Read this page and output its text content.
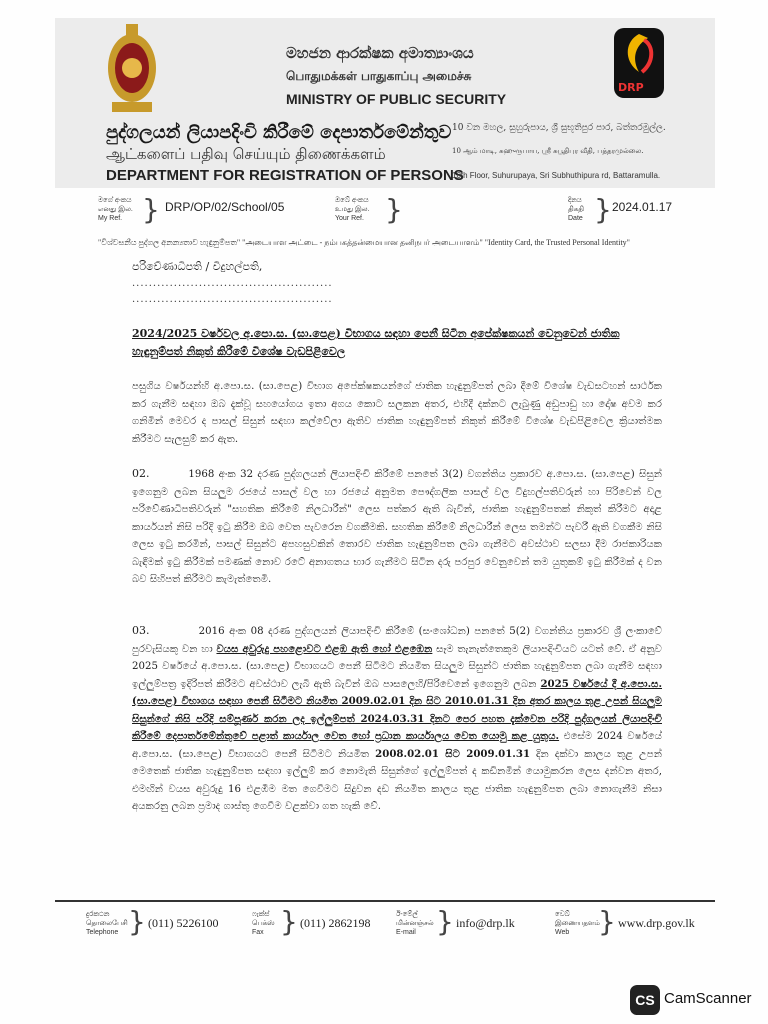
DRP
මහජන ආරක්ෂක අමාත්‍යාංශය
பொதுமக்கள் பாதுகாப்பு அமைச்சு
MINISTRY OF PUBLIC SECURITY
පුද්ගලයන් ලියාපදිංචි කිරීමේ දෙපාර්තමේන්තුව
ஆட்களைப் பதிவு செய்யும் திணைக்களம்
DEPARTMENT FOR REGISTRATION OF PERSONS
10 වන මහල, සුහුරුපාය, ශ්‍රී සුභූතිපුර පාර, බත්තරමුල්ල.
10 ஆம் மாடி, சுஹுருபாய, ஸ்ரீ சுபூதிபுர வீதி, பத்தரமுல்லை.
10th Floor, Suhurupaya, Sri Subhuthipura rd, Battaramulla.
මගේ අංකය
எனது இல.
My Ref. } DRP/OP/02/School/05	ඔබේ අංකය
உமது இல.
Your Ref. }	දිනය
திகதி
Date } 2024.01.17
"විශ්වසනීය පුද්ගල අනන්‍යතාව හැඳුනුම්පත" "அடையாள அட்டை - நம்பகத்தன்மையான தனிநபர் அடையாளம்" "Identity Card, the Trusted Personal Identity"
පරිවේණාධිපති / විදුහල්පති,
................................................
................................................
2024/2025 වර්ෂවල අ.පො.ස. (සා.පෙළ) විභාගය සඳහා පෙනී සිටින අපේක්ෂකයන් වෙනුවෙන් ජාතික හැඳුනුම්පත් නිකුත් කිරීමේ විශේෂ වැඩපිළිවෙල
පසුගිය වර්ෂයන්හි අ.පො.ස. (සා.පෙළ) විභාග අපේක්ෂකයන්ගේ ජාතික හැඳුනුම්පත් ලබා දීමේ විශේෂ වැඩසටහන් සාර්ථක කර ගැනීම සඳහා ඔබ දැක්වූ සහයෝගය ඉතා අගය කොට සලකන අතර, එහිදී දක්නට ලැබුණු අඩුපාඩු හා දෝෂ අවම කර ගනිමින් මෙවර ද පාසල් සිසුන් සඳහා කල්වේලා ඇතිව ජාතික හැඳුනුම්පත් නිකුත් කිරීමේ විශේෂ වැඩපිළිවෙල ක්‍රියාත්මක කිරීමට සැලසුම් කර ඇත.
02.	1968 අංක 32 දරණ පුද්ගලයන් ලියාපදිංචි කිරීමේ පනතේ 3(2) වගන්තිය ප්‍රකාරව අ.පො.ස. (සා.පෙළ) සිසුන් ඉගෙනුම ලබන සියලුම රජයේ පාසල් වල හා රජයේ අනුමත පෞද්ගලික පාසල් වල විදුහල්පතිවරුන් හා පිරිවෙන් වල පරිවේණාධිපතිවරුන් "සහතික කිරීමේ නිලධාරීන්" ලෙස පත්කර ඇති බැවින්, ජාතික හැඳුනුම්පතක් නිකුත් කිරීමට අදාළ කාර්යයන් නිසි පරිදි ඉටු කිරීම ඔබ වෙත පැවරෙන වගකීමකි. සහතික කිරීමේ නිලධාරීන් ලෙස තමන්ට පැවරී ඇති වගකීම නිසි ලෙස ඉටු කරමින්, පාසල් සිසුන්ට අපහසුවකින් තොරව ජාතික හැඳුනුම්පත ලබා ගැනීමට අවස්ථාව සලසා දීම රාජකාරියක බැඳීමක් ඉටු කිරීමක් පමණක් නොව රටේ අනාගතය භාර ගැනීමට සිටින දරු පරපුර වෙනුවෙන් තම යුතුකම් ඉටු කිරීමක් ද වන බව සිහිපත් කිරීමට කැමැත්තෙමි.
03.	2016 අංක 08 දරණ පුද්ගලයන් ලියාපදිංචි කිරීමේ (සංශෝධන) පනතේ 5(2) වගන්තිය ප්‍රකාරව ශ්‍රී ලංකාවේ පුරවැසියකු වන හා වයස අවුරුදු පහළොවට එළඹ ඇති හෝ එළඹෙන සෑම තැනැත්තෙකුම ලියාපදිංචියට යටත් වේ. ඒ අනුව 2025 වර්ෂයේ අ.පො.ස. (සා.පෙළ) විභාගයට පෙනී සිටීමට නියමිත සියලුම සිසුන්ට ජාතික හැඳුනුම්පත ලබා ගැනීම සඳහා ඉල්ලුම්පත්‍ර ඉදිරිපත් කිරීමට අවස්ථාව ලැබී ඇති බැවින් ඔබ පාසලෙහි/පිරිවෙනේ ඉගෙනුම ලබන 2025 වර්ෂයේ දී අ.පො.ස. (සා.පෙළ) විභාගය සඳහා පෙනී සිටීමට නියමිත 2009.02.01 දින සිට 2010.01.31 දින අතර කාලය තුළ උපන් සියලුම සිසුන්ගේ නිසි පරිදි සම්පූර්ණ කරන ලද ඉල්ලුම්පත් 2024.03.31 දිනට පෙර පහත දැක්වෙන පරිදි පුද්ගලයන් ලියාපදිංචි කිරීමේ දෙපාර්තමේන්තුවේ පළාත් කාර්යාල වෙත හෝ ප්‍රධාන කාර්යාලය වෙත යොමු කළ යුතුය. එසේම 2024 වර්ෂයේ අ.පො.ස. (සා.පෙළ) විභාගයට පෙනී සිටීමට නියමිත 2008.02.01 සිට 2009.01.31 දින දක්වා කාලය තුළ උපන් මෙතෙක් ජාතික හැඳුනුම්පත සඳහා ඉල්ලුම් කර නොමැති සිසුන්ගේ ඉල්ලුම්පත් ද කඩිනමින් යොමුකරන ලෙස දන්වන අතර, එමඟින් වයස අවුරුදු 16 එළඹීම මත ගෙවීමට සිදුවන දඩ නියමිත කාලය තුළ ජාතික හැඳුනුම්පත ලබා නොගැනීම නිසා අයකරනු ලබන ප්‍රමාද ගාස්තු ගෙවීම වළක්වා ගත හැකි වේ.
දුරකථන
தொலைபேசி
Telephone } (011) 5226100
ෆැක්ස්
பெக்ஸ்
Fax } (011) 2862198
ඊ-මේල්
மின்னஞ்சல்
E-mail } info@drp.lk
වෙබ්
இணையதளம்
Web	} www.drp.gov.lk
CS CamScanner
